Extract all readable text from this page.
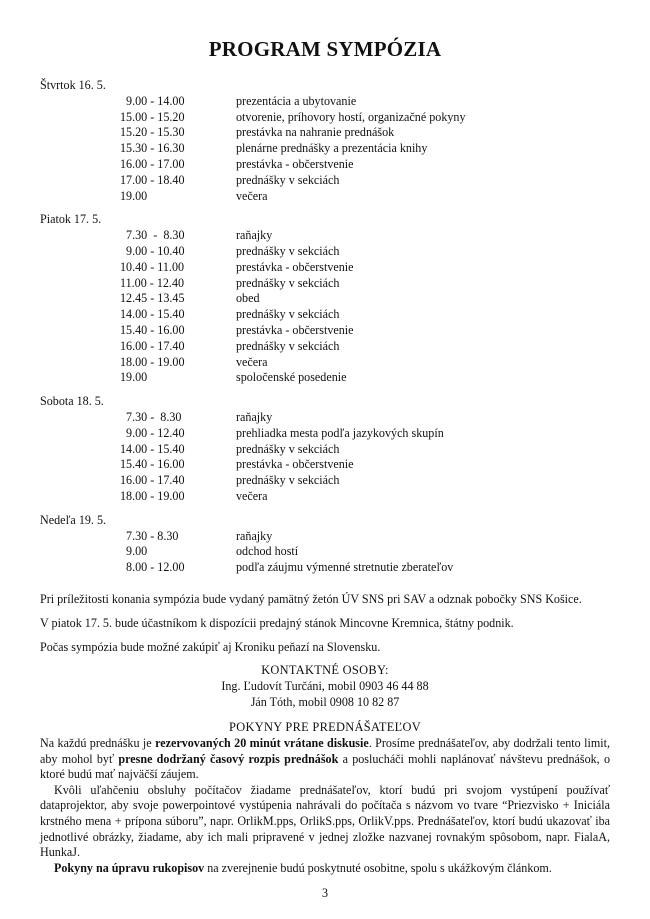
PROGRAM SYMPÓZIA
Štvrtok 16. 5.
9.00 - 14.00	prezentácia a ubytovanie
15.00 - 15.20	otvorenie, príhovory hostí, organizačné pokyny
15.20 - 15.30	prestávka na nahranie prednášok
15.30 - 16.30	plenárne prednášky a prezentácia knihy
16.00 - 17.00	prestávka - občerstvenie
17.00 - 18.40	prednášky v sekciách
19.00	večera
Piatok 17. 5.
7.30  -  8.30	raňajky
9.00 - 10.40	prednášky v sekciách
10.40 - 11.00	prestávka - občerstvenie
11.00 - 12.40	prednášky v sekciách
12.45 - 13.45	obed
14.00 - 15.40	prednášky v sekciách
15.40 - 16.00	prestávka - občerstvenie
16.00 - 17.40	prednášky v sekciách
18.00 - 19.00	večera
19.00	spoločenské posedenie
Sobota 18. 5.
7.30 -  8.30	raňajky
9.00 - 12.40	prehliadka mesta podľa jazykových skupín
14.00 - 15.40	prednášky v sekciách
15.40 - 16.00	prestávka - občerstvenie
16.00 - 17.40	prednášky v sekciách
18.00 - 19.00	večera
Nedeľa 19. 5.
7.30 - 8.30	raňajky
9.00	odchod hostí
8.00 - 12.00	podľa záujmu výmenné stretnutie zberateľov

Pri príležitosti konania sympózia bude vydaný pamätný žetón ÚV SNS pri SAV a odznak pobočky SNS Košice.

V piatok 17. 5. bude účastníkom k dispozícii predajný stánok Mincovne Kremnica, štátny podnik.

Počas sympózia bude možné zakúpiť aj Kroniku peňazí na Slovensku.

KONTAKTNÉ OSOBY:
Ing. Ľudovít Turčáni, mobil 0903 46 44 88
Ján Tóth, mobil 0908 10 82 87
POKYNY PRE PREDNÁŠATEĽOV

Na každú prednášku je rezervovaných 20 minút vrátane diskusie. Prosíme prednášateľov, aby dodržali tento limit, aby mohol byť presne dodržaný časový rozpis prednášok a poslucháči mohli naplánovať návštevu prednášok, o ktoré budú mať najväčší záujem.

Kvôli uľahčeniu obsluhy počítačov žiadame prednášateľov, ktorí budú pri svojom vystúpení používať dataprojektor, aby svoje powerpointové vystúpenia nahrávali do počítača s názvom vo tvare “Priezvisko + Iniciála krstného mena + prípona súboru”, napr. OrlikM.pps, OrlikS.pps, OrlikV.pps. Prednášateľov, ktorí budú ukazovať iba jednotlivé obrázky, žiadame, aby ich mali pripravené v jednej zložke nazvanej rovnakým spôsobom, napr. FialaA, HunkaJ.

Pokyny na úpravu rukopisov na zverejnenie budú poskytnuté osobitne, spolu s ukážkovým článkom.

3
